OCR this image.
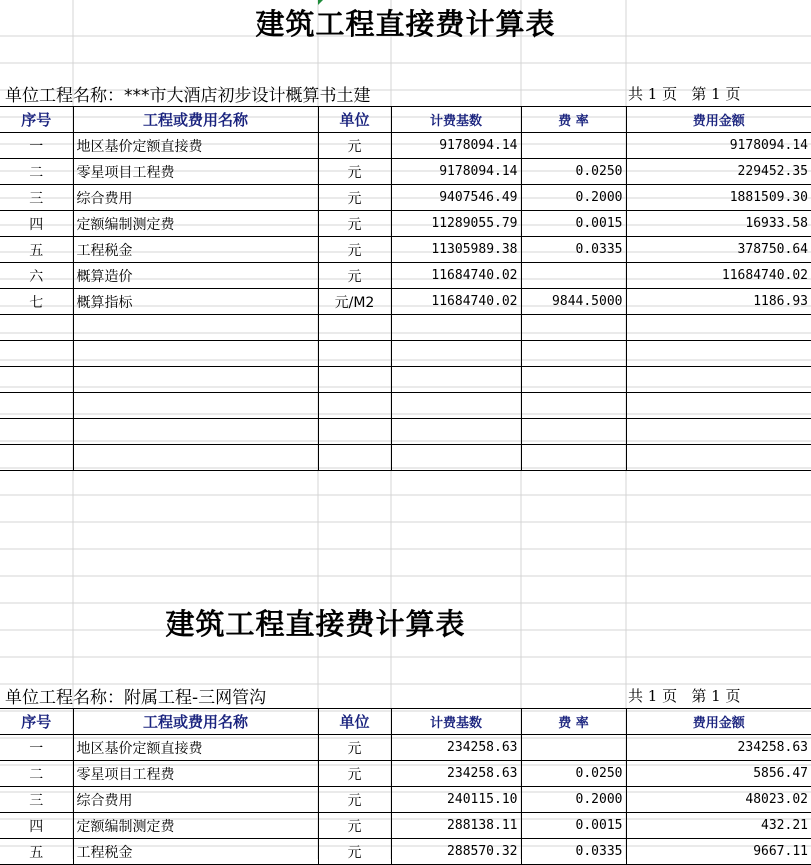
建筑工程直接费计算表
单位工程名称：***市大酒店初步设计概算书土建	共 1 页 第 1 页
序号	工程或费用名称	单位	计费基数	费 率	费用金额
一	地区基价定额直接费	元	9178094.14		9178094.14
二	零星项目工程费	元	9178094.14	0.0250	229452.35
三	综合费用	元	9407546.49	0.2000	1881509.30
四	定额编制测定费	元	11289055.79	0.0015	16933.58
五	工程税金	元	11305989.38	0.0335	378750.64
六	概算造价	元	11684740.02		11684740.02
七	概算指标	元/M2	11684740.02	9844.5000	1186.93

建筑工程直接费计算表
单位工程名称：附属工程-三网管沟	共 1 页 第 1 页
序号	工程或费用名称	单位	计费基数	费 率	费用金额
一	地区基价定额直接费	元	234258.63		234258.63
二	零星项目工程费	元	234258.63	0.0250	5856.47
三	综合费用	元	240115.10	0.2000	48023.02
四	定额编制测定费	元	288138.11	0.0015	432.21
五	工程税金	元	288570.32	0.0335	9667.11
